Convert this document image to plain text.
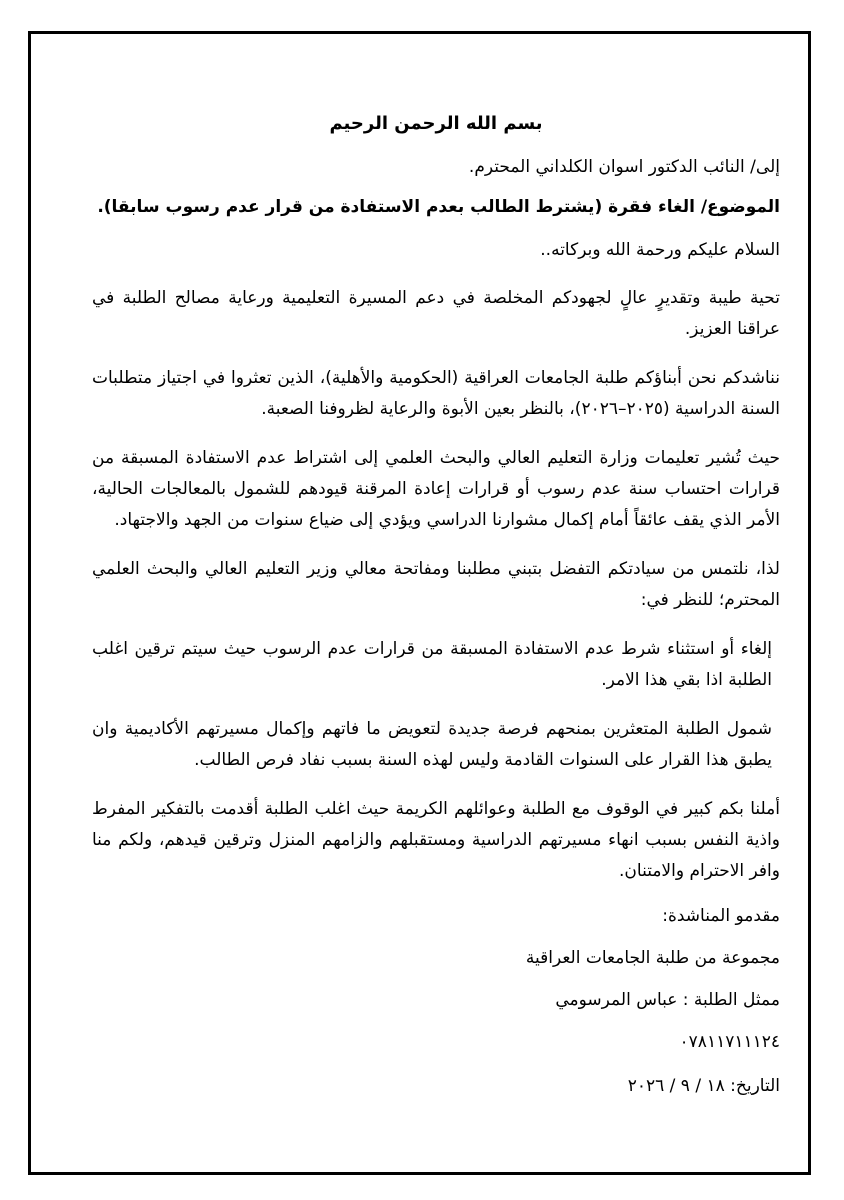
بسم الله الرحمن الرحيم

إلى/ النائب الدكتور اسوان الكلداني المحترم.

الموضوع/ الغاء فقرة (يشترط الطالب بعدم الاستفادة من قرار عدم رسوب سابقا).

السلام عليكم ورحمة الله وبركاته..

تحية طيبة وتقديرٍ عالٍ لجهودكم المخلصة في دعم المسيرة التعليمية ورعاية مصالح الطلبة في عراقنا العزيز.

نناشدكم نحن أبناؤكم طلبة الجامعات العراقية (الحكومية والأهلية)، الذين تعثروا في اجتياز متطلبات السنة الدراسية (٢٠٢٥–٢٠٢٦)، بالنظر بعين الأبوة والرعاية لظروفنا الصعبة.

حيث تُشير تعليمات وزارة التعليم العالي والبحث العلمي إلى اشتراط عدم الاستفادة المسبقة من قرارات احتساب سنة عدم رسوب أو قرارات إعادة المرقنة قيودهم للشمول بالمعالجات الحالية، الأمر الذي يقف عائقاً أمام إكمال مشوارنا الدراسي ويؤدي إلى ضياع سنوات من الجهد والاجتهاد.

لذا، نلتمس من سيادتكم التفضل بتبني مطلبنا ومفاتحة معالي وزير التعليم العالي والبحث العلمي المحترم؛ للنظر في:

إلغاء أو استثناء شرط عدم الاستفادة المسبقة من قرارات عدم الرسوب حيث سيتم ترقين اغلب الطلبة اذا بقي هذا الامر.

شمول الطلبة المتعثرين بمنحهم فرصة جديدة لتعويض ما فاتهم وإكمال مسيرتهم الأكاديمية وان يطبق هذا القرار على السنوات القادمة وليس لهذه السنة بسبب نفاد فرص الطالب.

أملنا بكم كبير في الوقوف مع الطلبة وعوائلهم الكريمة حيث اغلب الطلبة أقدمت بالتفكير المفرط واذية النفس بسبب انهاء مسيرتهم الدراسية ومستقبلهم والزامهم المنزل وترقين قيدهم، ولكم منا وافر الاحترام والامتنان.

مقدمو المناشدة:

مجموعة من طلبة الجامعات العراقية

ممثل الطلبة : عباس المرسومي

٠٧٨١١٧١١١٢٤

التاريخ: ١٨ / ٩ / ٢٠٢٦
